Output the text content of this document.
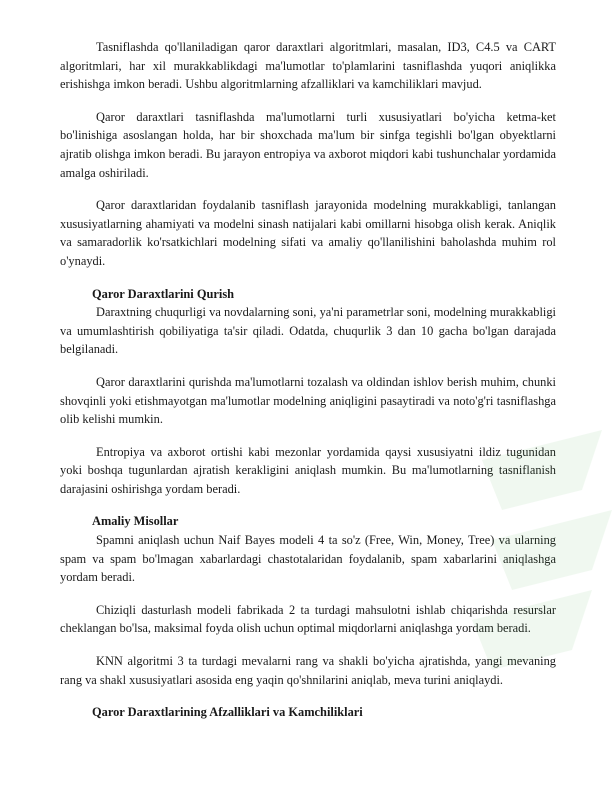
Tasniflashda qo'llaniladigan qaror daraxtlari algoritmlari, masalan, ID3, C4.5 va CART algoritmlari, har xil murakkablikdagi ma'lumotlar to'plamlarini tasniflashda yuqori aniqlikka erishishga imkon beradi. Ushbu algoritmlarning afzalliklari va kamchiliklari mavjud.

Qaror daraxtlari tasniflashda ma'lumotlarni turli xususiyatlari bo'yicha ketma-ket bo'linishiga asoslangan holda, har bir shoxchada ma'lum bir sinfga tegishli bo'lgan obyektlarni ajratib olishga imkon beradi. Bu jarayon entropiya va axborot miqdori kabi tushunchalar yordamida amalga oshiriladi.

Qaror daraxtlaridan foydalanib tasniflash jarayonida modelning murakkabligi, tanlangan xususiyatlarning ahamiyati va modelni sinash natijalari kabi omillarni hisobga olish kerak. Aniqlik va samaradorlik ko'rsatkichlari modelning sifati va amaliy qo'llanilishini baholashda muhim rol o'ynaydi.

Qaror Daraxtlarini Qurish

Daraxtning chuqurligi va novdalarning soni, ya'ni parametrlar soni, modelning murakkabligi va umumlashtirish qobiliyatiga ta'sir qiladi. Odatda, chuqurlik 3 dan 10 gacha bo'lgan darajada belgilanadi.

Qaror daraxtlarini qurishda ma'lumotlarni tozalash va oldindan ishlov berish muhim, chunki shovqinli yoki etishmayotgan ma'lumotlar modelning aniqligini pasaytiradi va noto'g'ri tasniflashga olib kelishi mumkin.

Entropiya va axborot ortishi kabi mezonlar yordamida qaysi xususiyatni ildiz tugunidan yoki boshqa tugunlardan ajratish kerakligini aniqlash mumkin. Bu ma'lumotlarning tasniflanish darajasini oshirishga yordam beradi.

Amaliy Misollar

Spamni aniqlash uchun Naif Bayes modeli 4 ta so'z (Free, Win, Money, Tree) va ularning spam va spam bo'lmagan xabarlardagi chastotalaridan foydalanib, spam xabarlarini aniqlashga yordam beradi.

Chiziqli dasturlash modeli fabrikada 2 ta turdagi mahsulotni ishlab chiqarishda resurslar cheklangan bo'lsa, maksimal foyda olish uchun optimal miqdorlarni aniqlashga yordam beradi.

KNN algoritmi 3 ta turdagi mevalarni rang va shakli bo'yicha ajratishda, yangi mevaning rang va shakl xususiyatlari asosida eng yaqin qo'shnilarini aniqlab, meva turini aniqlaydi.

Qaror Daraxtlarining Afzalliklari va Kamchiliklari
